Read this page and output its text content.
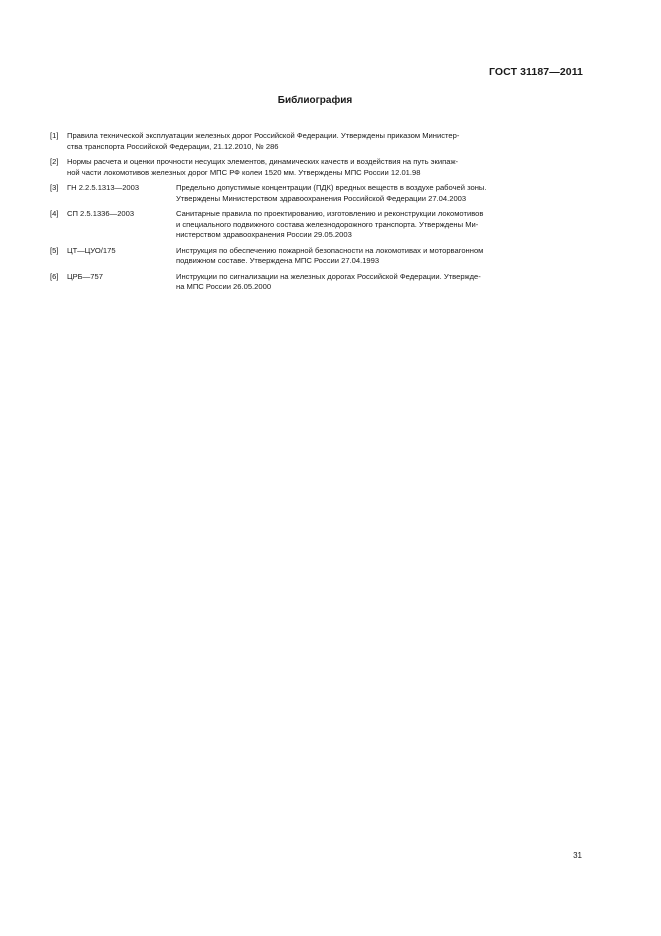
ГОСТ 31187—2011
Библиография
[1]	Правила технической эксплуатации железных дорог Российской Федерации. Утверждены приказом Министер-
ства транспорта Российской Федерации, 21.12.2010, № 286
[2]	Нормы расчета и оценки прочности несущих элементов, динамических качеств и воздействия на путь экипаж-
ной части локомотивов железных дорог МПС РФ колеи 1520 мм. Утверждены МПС России 12.01.98
[3]	ГН 2.2.5.1313—2003	Предельно допустимые концентрации (ПДК) вредных веществ в воздухе рабочей зоны.
Утверждены Министерством здравоохранения Российской Федерации 27.04.2003
[4]	СП 2.5.1336—2003	Санитарные правила по проектированию, изготовлению и реконструкции локомотивов
и специального подвижного состава железнодорожного транспорта. Утверждены Ми-
нистерством здравоохранения России 29.05.2003
[5]	ЦТ—ЦУО/175	Инструкция по обеспечению пожарной безопасности на локомотивах и моторвагонном
подвижном составе. Утверждена МПС России 27.04.1993
[6]	ЦРБ—757	Инструкции по сигнализации на железных дорогах Российской Федерации. Утвержде-
на МПС России 26.05.2000
31
